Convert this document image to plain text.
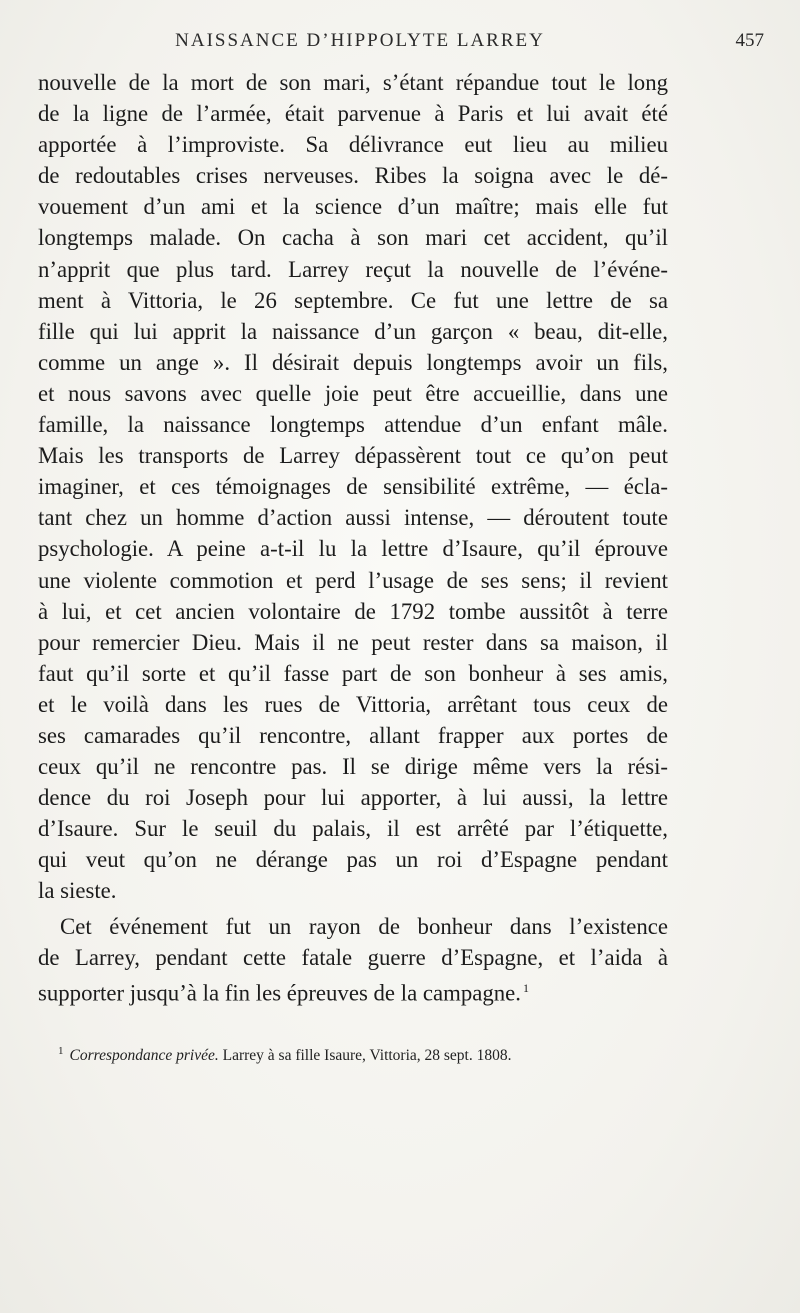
NAISSANCE D’HIPPOLYTE LARREY	457
nouvelle de la mort de son mari, s’étant répandue tout le long
de la ligne de l’armée, était parvenue à Paris et lui avait été
apportée à l’improviste. Sa délivrance eut lieu au milieu
de redoutables crises nerveuses. Ribes la soigna avec le dé-
vouement d’un ami et la science d’un maître; mais elle fut
longtemps malade. On cacha à son mari cet accident, qu’il
n’apprit que plus tard. Larrey reçut la nouvelle de l’événe-
ment à Vittoria, le 26 septembre. Ce fut une lettre de sa
fille qui lui apprit la naissance d’un garçon « beau, dit-elle,
comme un ange ». Il désirait depuis longtemps avoir un fils,
et nous savons avec quelle joie peut être accueillie, dans une
famille, la naissance longtemps attendue d’un enfant mâle.
Mais les transports de Larrey dépassèrent tout ce qu’on peut
imaginer, et ces témoignages de sensibilité extrême, — écla-
tant chez un homme d’action aussi intense, — déroutent toute
psychologie. A peine a-t-il lu la lettre d’Isaure, qu’il éprouve
une violente commotion et perd l’usage de ses sens; il revient
à lui, et cet ancien volontaire de 1792 tombe aussitôt à terre
pour remercier Dieu. Mais il ne peut rester dans sa maison, il
faut qu’il sorte et qu’il fasse part de son bonheur à ses amis,
et le voilà dans les rues de Vittoria, arrêtant tous ceux de
ses camarades qu’il rencontre, allant frapper aux portes de
ceux qu’il ne rencontre pas. Il se dirige même vers la rési-
dence du roi Joseph pour lui apporter, à lui aussi, la lettre
d’Isaure. Sur le seuil du palais, il est arrêté par l’étiquette,
qui veut qu’on ne dérange pas un roi d’Espagne pendant
la sieste.
Cet événement fut un rayon de bonheur dans l’existence
de Larrey, pendant cette fatale guerre d’Espagne, et l’aida à
supporter jusqu’à la fin les épreuves de la campagne. $^1$
$^1$ Correspondance privée. Larrey à sa fille Isaure, Vittoria, 28 sept. 1808.
